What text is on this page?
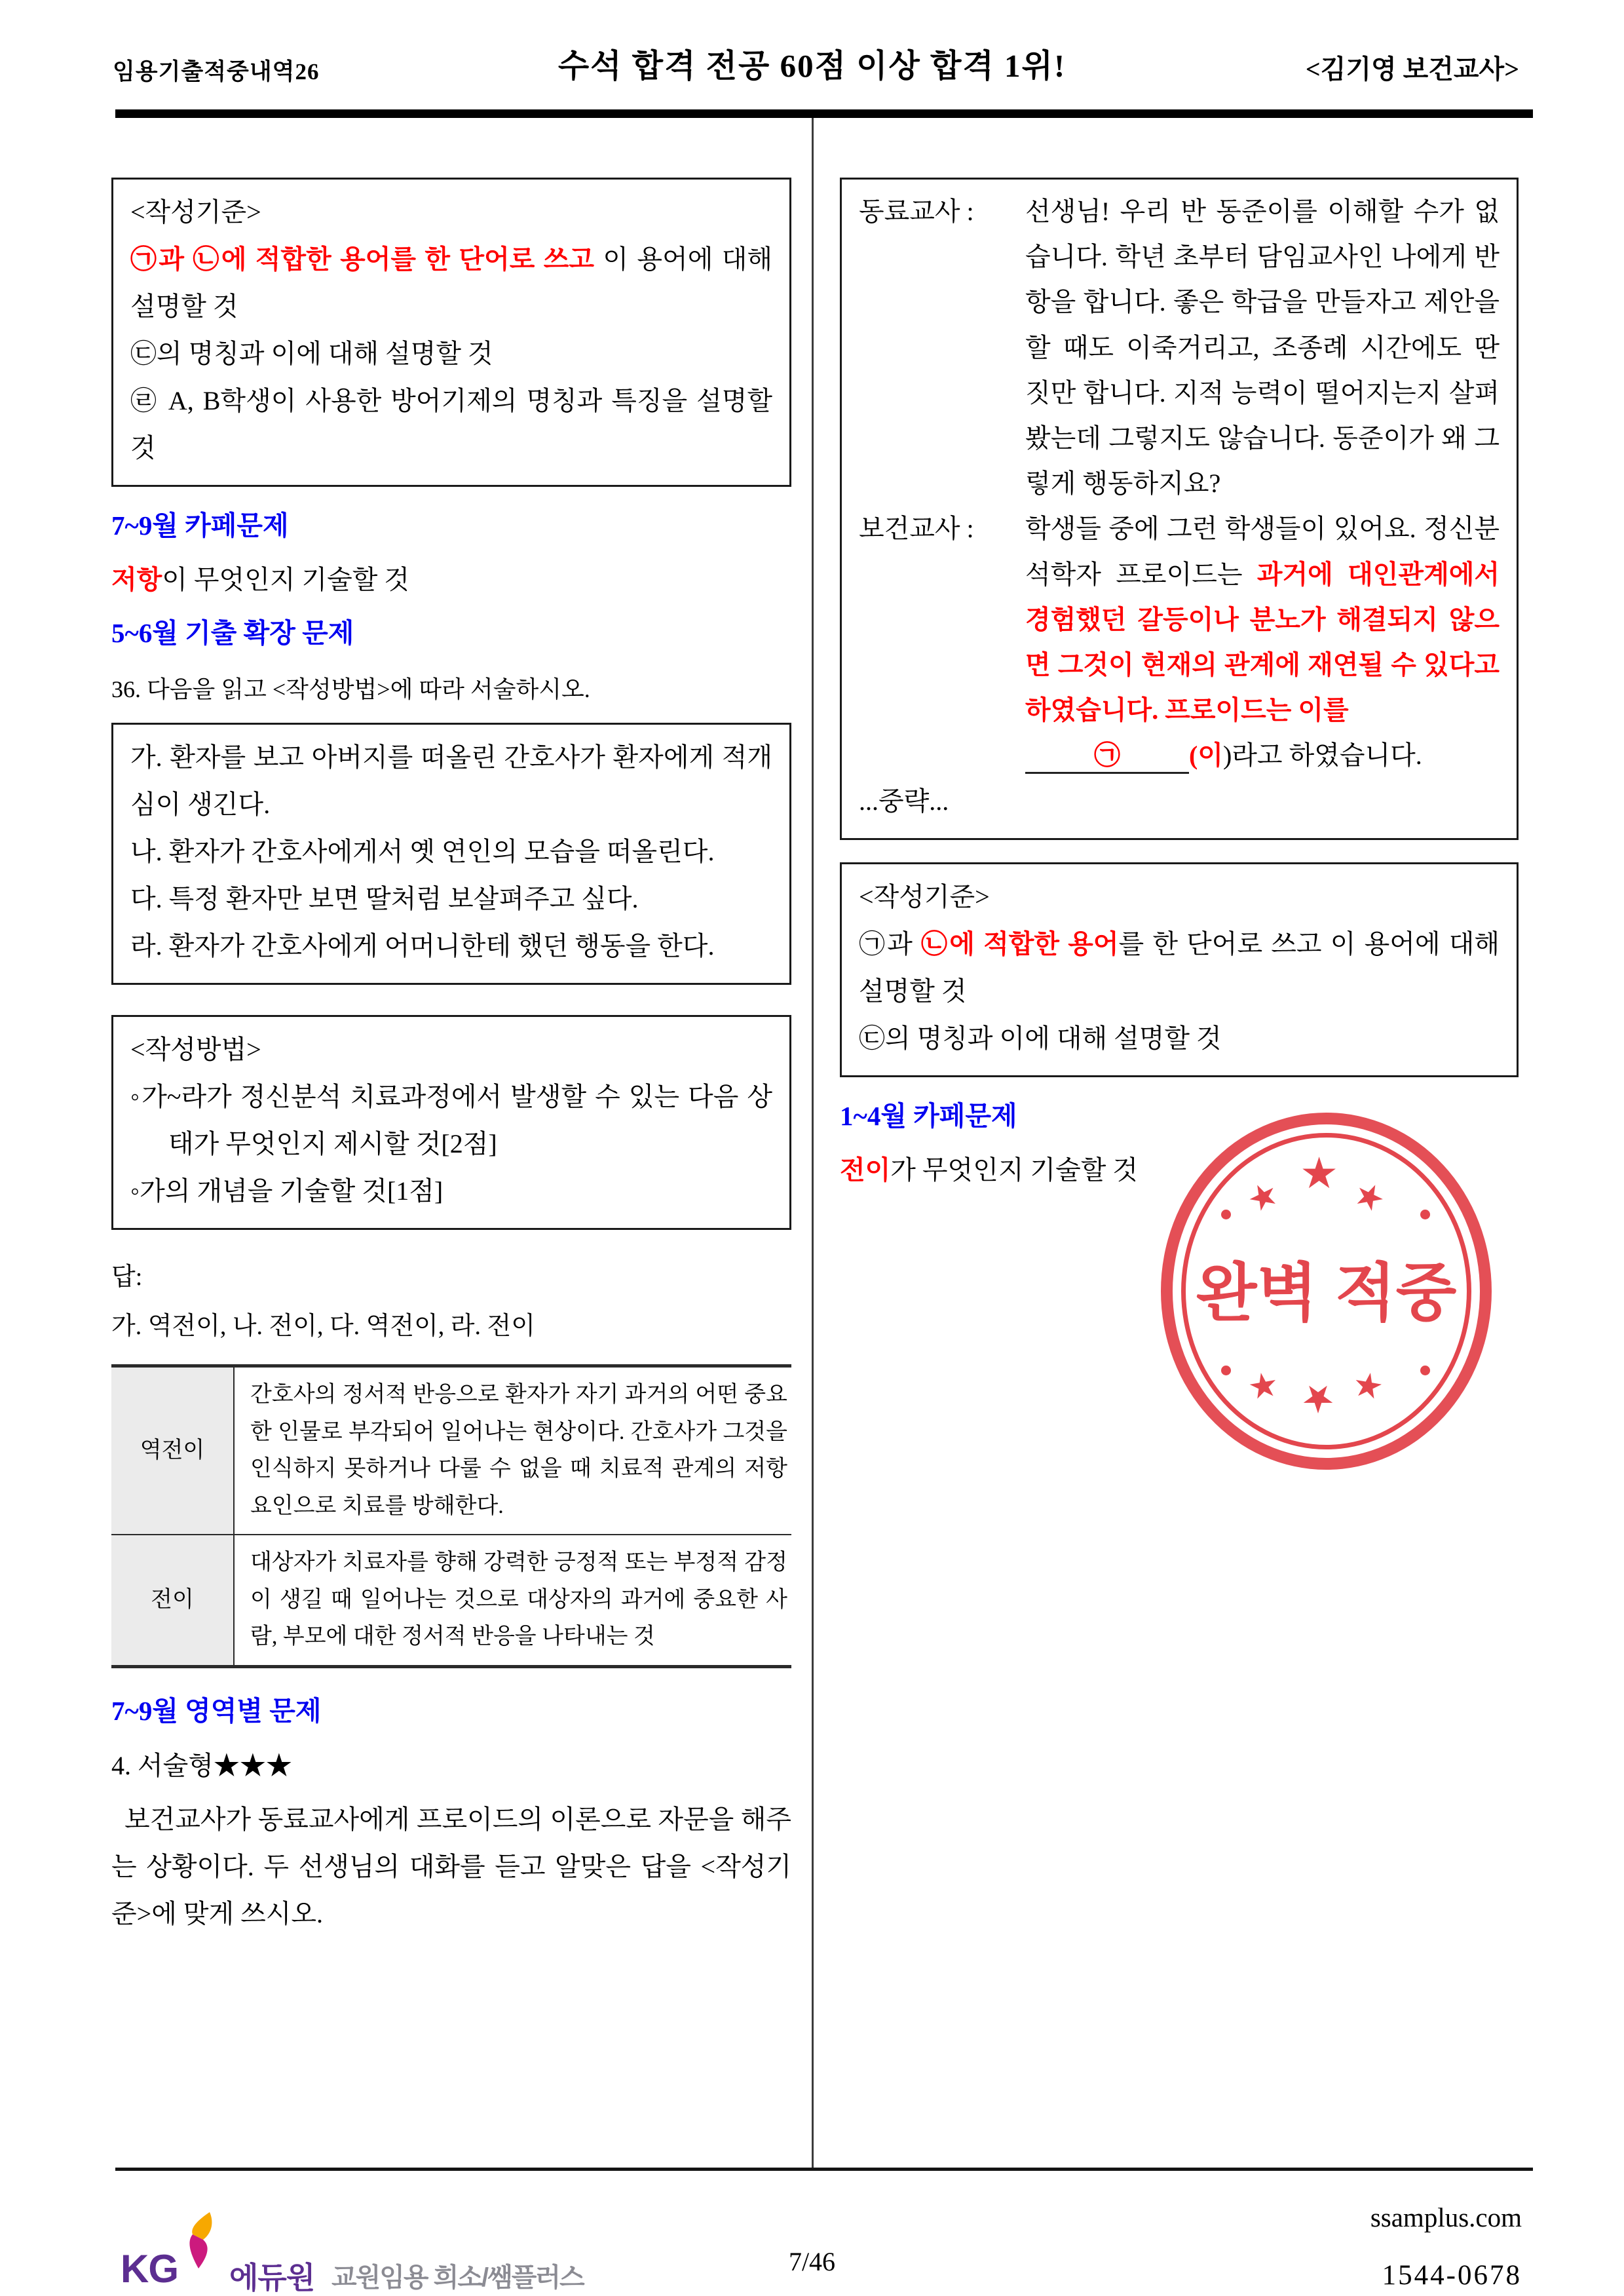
임용기출적중내역26	수석 합격 전공 60점 이상 합격 1위!	<김기영 보건교사>

<작성기준>

㉠과 ㉡에 적합한 용어를 한 단어로 쓰고 이 용어에 대해 설명할 것

㉢의 명칭과 이에 대해 설명할 것

㉣ A, B학생이 사용한 방어기제의 명칭과 특징을 설명할 것

7~9월 카페문제

저항이 무엇인지 기술할 것

5~6월 기출 확장 문제

36. 다음을 읽고 <작성방법>에 따라 서술하시오.

가. 환자를 보고 아버지를 떠올린 간호사가 환자에게 적개심이 생긴다.

나. 환자가 간호사에게서 옛 연인의 모습을 떠올린다.

다. 특정 환자만 보면 딸처럼 보살펴주고 싶다.

라. 환자가 간호사에게 어머니한테 했던 행동을 한다.

<작성방법>

◦가~라가 정신분석 치료과정에서 발생할 수 있는 다음 상태가 무엇인지 제시할 것[2점]

◦가의 개념을 기술할 것[1점]

답:

가. 역전이, 나. 전이, 다. 역전이, 라. 전이

역전이	간호사의 정서적 반응으로 환자가 자기 과거의 어떤 중요한 인물로 부각되어 일어나는 현상이다. 간호사가 그것을 인식하지 못하거나 다룰 수 없을 때 치료적 관계의 저항요인으로 치료를 방해한다.
전이	대상자가 치료자를 향해 강력한 긍정적 또는 부정적 감정이 생길 때 일어나는 것으로 대상자의 과거에 중요한 사람, 부모에 대한 정서적 반응을 나타내는 것

7~9월 영역별 문제

4. 서술형★★★

보건교사가 동료교사에게 프로이드의 이론으로 자문을 해주는 상황이다. 두 선생님의 대화를 듣고 알맞은 답을 <작성기준>에 맞게 쓰시오.

동료교사 :	선생님! 우리 반 동준이를 이해할 수가 없습니다. 학년 초부터 담임교사인 나에게 반항을 합니다. 좋은 학급을 만들자고 제안을 할 때도 이죽거리고, 조종례 시간에도 딴 짓만 합니다. 지적 능력이 떨어지는지 살펴봤는데 그렇지도 않습니다. 동준이가 왜 그렇게 행동하지요?
보건교사 :	학생들 중에 그런 학생들이 있어요. 정신분석학자 프로이드는 과거에 대인관계에서 경험했던 갈등이나 분노가 해결되지 않으면 그것이 현재의 관계에 재연될 수 있다고 하였습니다. 프로이드는 이를
㉠	(이)라고 하였습니다.

...중략...

<작성기준>

㉠과 ㉡에 적합한 용어를 한 단어로 쓰고 이 용어에 대해 설명할 것

㉢의 명칭과 이에 대해 설명할 것

1~4월 카페문제

전이가 무엇인지 기술할 것

★ ★ ★
완벽 적중
★ ★ ★
KG 에듀원 교원임용 희소/쌤플러스
7/46
ssamplus.com
1544-0678
